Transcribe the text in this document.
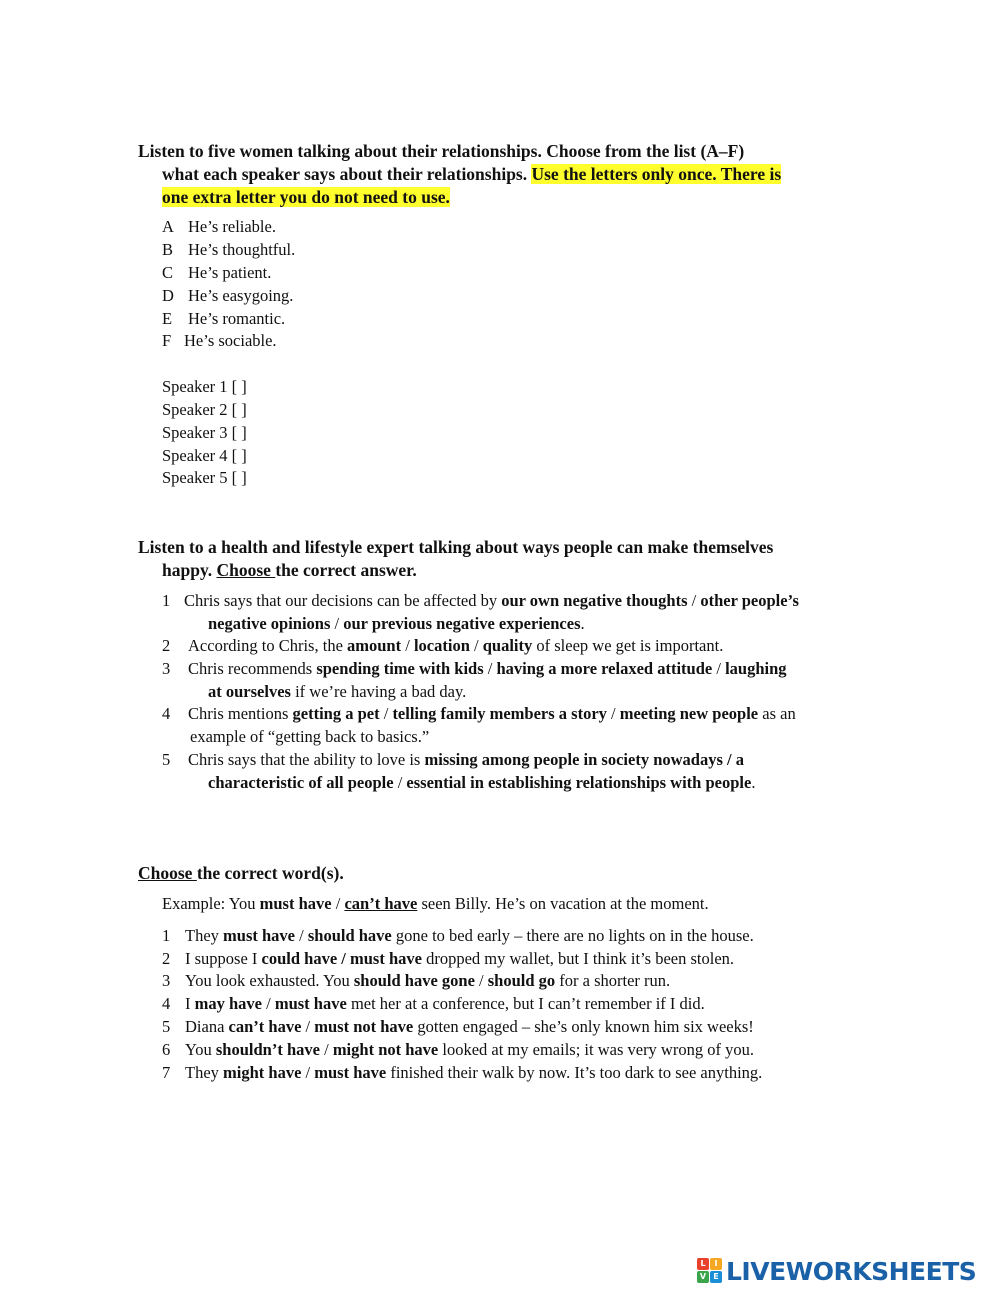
Listen to five women talking about their relationships. Choose from the list (A–F)
what each speaker says about their relationships. Use the letters only once. There is
one extra letter you do not need to use.
A He’s reliable.
B He’s thoughtful.
C He’s patient.
D He’s easygoing.
E He’s romantic.
F He’s sociable.
Speaker 1 [ ]
Speaker 2 [ ]
Speaker 3 [ ]
Speaker 4 [ ]
Speaker 5 [ ]
Listen to a health and lifestyle expert talking about ways people can make themselves
happy. Choose the correct answer.
1 Chris says that our decisions can be affected by our own negative thoughts / other people’s
negative opinions / our previous negative experiences.
2 According to Chris, the amount / location / quality of sleep we get is important.
3 Chris recommends spending time with kids / having a more relaxed attitude / laughing
at ourselves if we’re having a bad day.
4 Chris mentions getting a pet / telling family members a story / meeting new people as an
example of “getting back to basics.”
5 Chris says that the ability to love is missing among people in society nowadays / a
characteristic of all people / essential in establishing relationships with people.
Choose the correct word(s).
Example: You must have / can’t have seen Billy. He’s on vacation at the moment.
1 They must have / should have gone to bed early – there are no lights on in the house.
2 I suppose I could have / must have dropped my wallet, but I think it’s been stolen.
3 You look exhausted. You should have gone / should go for a shorter run.
4 I may have / must have met her at a conference, but I can’t remember if I did.
5 Diana can’t have / must not have gotten engaged – she’s only known him six weeks!
6 You shouldn’t have / might not have looked at my emails; it was very wrong of you.
7 They might have / must have finished their walk by now. It’s too dark to see anything.
L	I
V E LIVEWORKSHEETS
